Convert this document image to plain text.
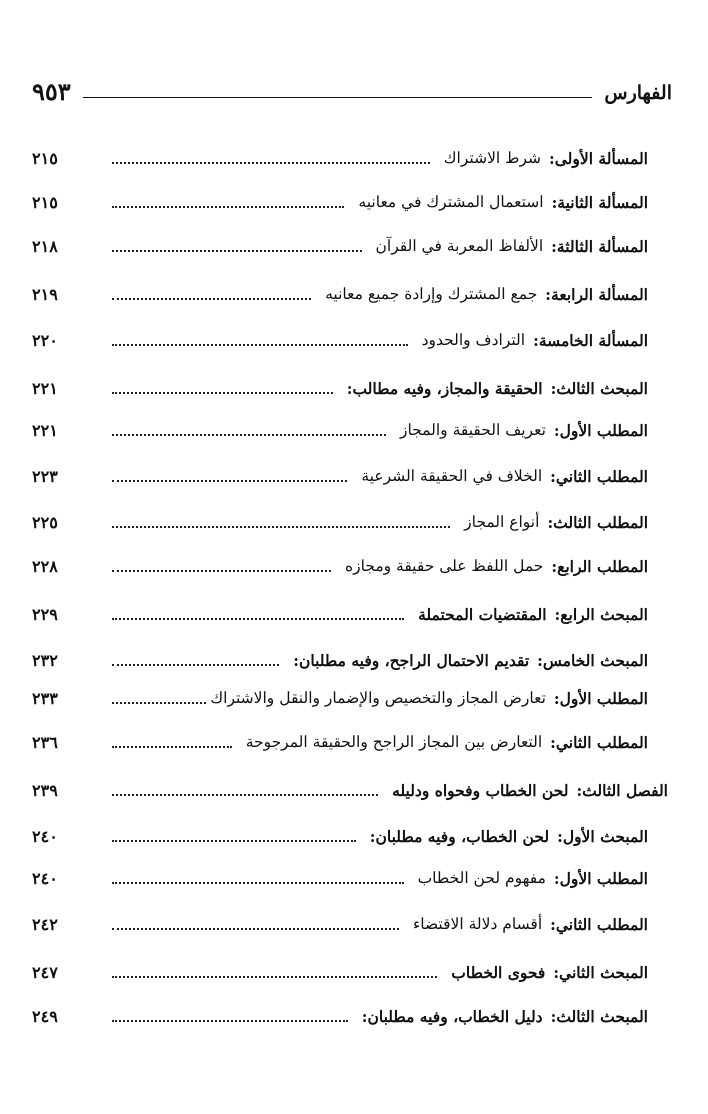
الفهارس
٩٥٣
المسألة الأولى
:
شرط الاشتراك
٢١٥
المسألة الثانية
:
استعمال المشترك في معانيه
٢١٥
المسألة الثالثة
:
الألفاظ المعربة في القرآن
٢١٨
المسألة الرابعة
:
جمع المشترك وإرادة جميع معانيه
٢١٩
المسألة الخامسة
:
الترادف والحدود
٢٢٠
المبحث الثالث
:
الحقيقة والمجاز، وفيه مطالب:
٢٢١
المطلب الأول
:
تعريف الحقيقة والمجاز
٢٢١
المطلب الثاني
:
الخلاف في الحقيقة الشرعية
٢٢٣
المطلب الثالث
:
أنواع المجاز
٢٢٥
المطلب الرابع
:
حمل اللفظ على حقيقة ومجازه
٢٢٨
المبحث الرابع
:
المقتضيات المحتملة
٢٢٩
المبحث الخامس
:
تقديم الاحتمال الراجح، وفيه مطلبان:
٢٣٢
المطلب الأول
:
تعارض المجاز والتخصيص والإضمار والنقل والاشتراك
٢٣٣
المطلب الثاني
:
التعارض بين المجاز الراجح والحقيقة المرجوحة
٢٣٦
الفصل الثالث
:
لحن الخطاب وفحواه ودليله
٢٣٩
المبحث الأول
:
لحن الخطاب، وفيه مطلبان:
٢٤٠
المطلب الأول
:
مفهوم لحن الخطاب
٢٤٠
المطلب الثاني
:
أقسام دلالة الاقتضاء
٢٤٢
المبحث الثاني
:
فحوى الخطاب
٢٤٧
المبحث الثالث
:
دليل الخطاب، وفيه مطلبان:
٢٤٩
